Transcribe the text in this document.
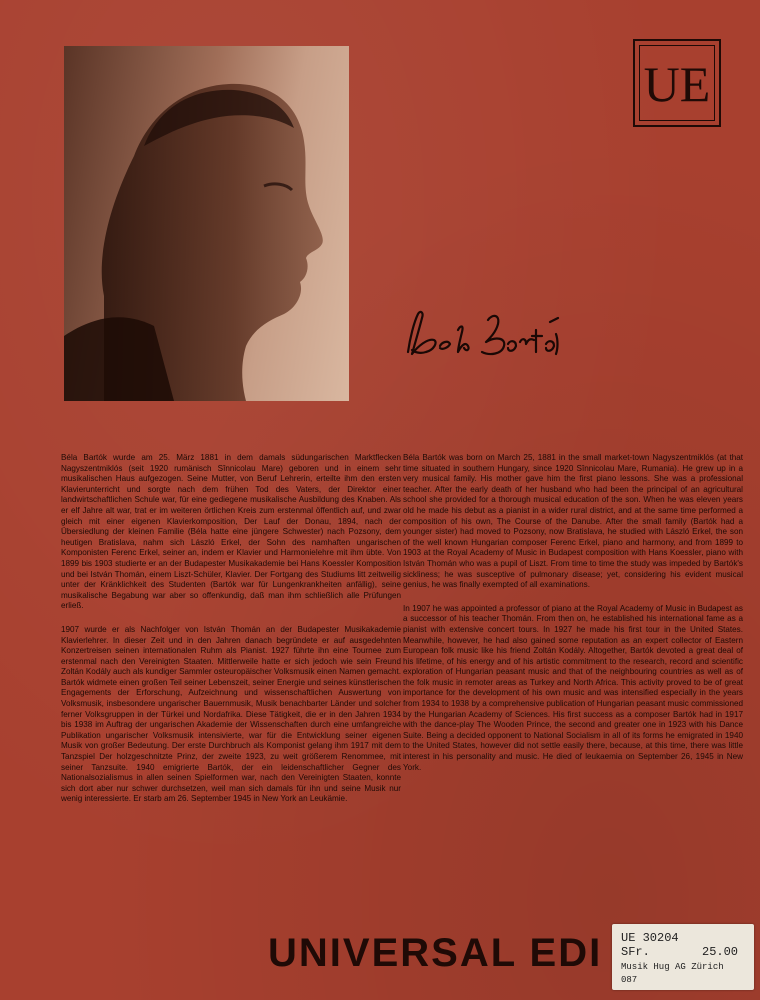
UE

Béla Bartók wurde am 25. März 1881 in dem damals südungarischen Marktflecken Nagyszentmiklós (seit 1920 rumänisch Sînnicolau Mare) geboren und in einem sehr musikalischen Haus aufgezogen. Seine Mutter, von Beruf Lehrerin, erteilte ihm den ersten Klavierunterricht und sorgte nach dem frühen Tod des Vaters, der Direktor einer landwirtschaftlichen Schule war, für eine gediegene musikalische Ausbildung des Knaben. Als er elf Jahre alt war, trat er im weiteren örtlichen Kreis zum erstenmal öffentlich auf, und zwar gleich mit einer eigenen Klavierkomposition, Der Lauf der Donau, 1894, nach der Übersiedlung der kleinen Familie (Béla hatte eine jüngere Schwester) nach Pozsony, dem heutigen Bratislava, nahm sich László Erkel, der Sohn des namhaften ungarischen Komponisten Ferenc Erkel, seiner an, indem er Klavier und Harmonielehre mit ihm übte. Von 1899 bis 1903 studierte er an der Budapester Musikakademie bei Hans Koessler Komposition und bei István Thomán, einem Liszt-Schüler, Klavier. Der Fortgang des Studiums litt zeitweilig unter der Kränklichkeit des Studenten (Bartók war für Lungenkrankheiten anfällig), seine musikalische Begabung war aber so offenkundig, daß man ihm schließlich alle Prüfungen erließ.

1907 wurde er als Nachfolger von István Thomán an der Budapester Musikakademie Klavierlehrer. In dieser Zeit und in den Jahren danach begründete er auf ausgedehnten Konzertreisen seinen internationalen Ruhm als Pianist. 1927 führte ihn eine Tournee zum erstenmal nach den Vereinigten Staaten. Mittlerweile hatte er sich jedoch wie sein Freund Zoltán Kodály auch als kundiger Sammler osteuropäischer Volksmusik einen Namen gemacht. Bartók widmete einen großen Teil seiner Lebenszeit, seiner Energie und seines künstlerischen Engagements der Erforschung, Aufzeichnung und wissenschaftlichen Auswertung von Volksmusik, insbesondere ungarischer Bauernmusik, Musik benachbarter Länder und solcher ferner Volksgruppen in der Türkei und Nordafrika. Diese Tätigkeit, die er in den Jahren 1934 bis 1938 im Auftrag der ungarischen Akademie der Wissenschaften durch eine umfangreiche Publikation ungarischer Volksmusik intensivierte, war für die Entwicklung seiner eigenen Musik von großer Bedeutung. Der erste Durchbruch als Komponist gelang ihm 1917 mit dem Tanzspiel Der holzgeschnitzte Prinz, der zweite 1923, zu weit größerem Renommee, mit seiner Tanzsuite. 1940 emigrierte Bartók, der ein leidenschaftlicher Gegner des Nationalsozialismus in allen seinen Spielformen war, nach den Vereinigten Staaten, konnte sich dort aber nur schwer durchsetzen, weil man sich damals für ihn und seine Musik nur wenig interessierte. Er starb am 26. September 1945 in New York an Leukämie.

Béla Bartók was born on March 25, 1881 in the small market-town Nagyszentmiklós (at that time situated in southern Hungary, since 1920 Sînnicolau Mare, Rumania). He grew up in a very musical family. His mother gave him the first piano lessons. She was a professional teacher. After the early death of her husband who had been the principal of an agricultural school she provided for a thorough musical education of the son. When he was eleven years old he made his debut as a pianist in a wider rural district, and at the same time performed a composition of his own, The Course of the Danube. After the small family (Bartók had a younger sister) had moved to Pozsony, now Bratislava, he studied with László Erkel, the son of the well known Hungarian composer Ferenc Erkel, piano and harmony, and from 1899 to 1903 at the Royal Academy of Music in Budapest composition with Hans Koessler, piano with István Thomán who was a pupil of Liszt. From time to time the study was impeded by Bartók's sickliness; he was susceptive of pulmonary disease; yet, considering his evident musical genius, he was finally exempted of all examinations.

In 1907 he was appointed a professor of piano at the Royal Academy of Music in Budapest as a successor of his teacher Thomán. From then on, he established his international fame as a pianist with extensive concert tours. In 1927 he made his first tour in the United States. Meanwhile, however, he had also gained some reputation as an expert collector of Eastern European folk music like his friend Zoltán Kodály. Altogether, Bartók devoted a great deal of his lifetime, of his energy and of his artistic commitment to the research, record and scientific exploration of Hungarian peasant music and that of the neighbouring countries as well as of the folk music in remoter areas as Turkey and North Africa. This activity proved to be of great importance for the development of his own music and was intensified especially in the years from 1934 to 1938 by a comprehensive publication of Hungarian peasant music commissioned by the Hungarian Academy of Sciences. His first success as a composer Bartók had in 1917 with the dance-play The Wooden Prince, the second and greater one in 1923 with his Dance Suite. Being a decided opponent to National Socialism in all of its forms he emigrated in 1940 to the United States, however did not settle easily there, because, at this time, there was little interest in his personality and music. He died of leukaemia on September 26, 1945 in New York.

UNIVERSAL EDI UE 30204
SFr.	25.00
Musik Hug AG Zürich
087
